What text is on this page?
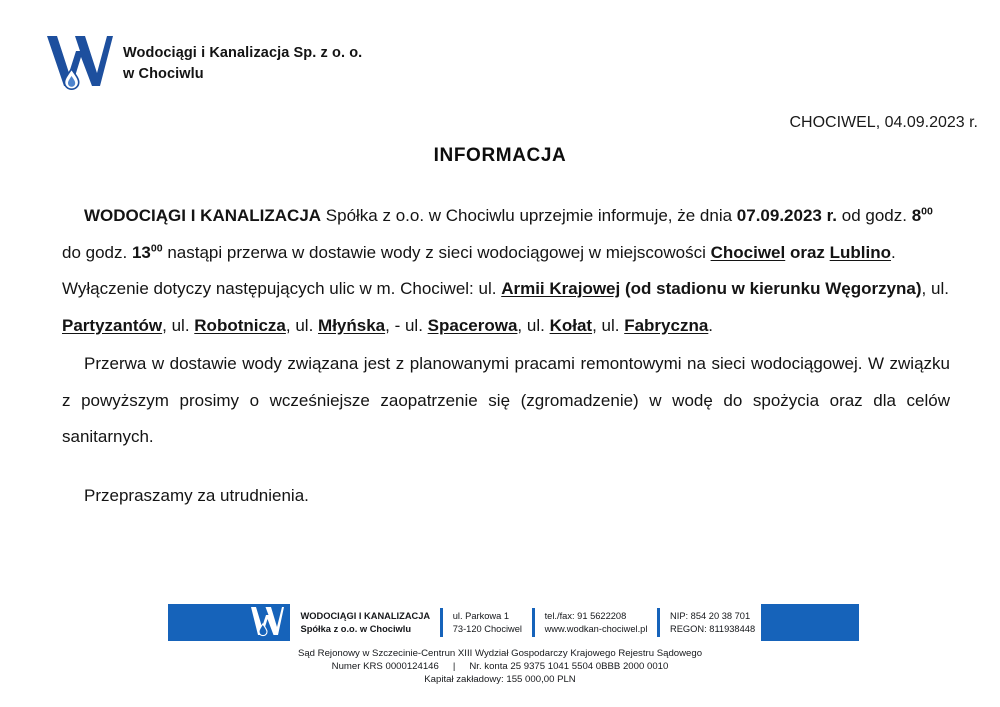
Wodociągi i Kanalizacja Sp. z o. o.
w Chociwlu
CHOCIWEL, 04.09.2023 r.
INFORMACJA

WODOCIĄGI I KANALIZACJA Spółka z o.o. w Chociwlu uprzejmie informuje, że dnia 07.09.2023 r. od godz. $8^{00}$ do godz. $13^{00}$ nastąpi przerwa w dostawie wody z sieci wodociągowej w miejscowości Chociwel oraz Lublino. Wyłączenie dotyczy następujących ulic w m. Chociwel: ul. Armii Krajowej (od stadionu w kierunku Węgorzyna), ul. Partyzantów, ul. Robotnicza, ul. Młyńska, - ul. Spacerowa, ul. Kołat, ul. Fabryczna.

Przerwa w dostawie wody związana jest z planowanymi pracami remontowymi na sieci wodociągowej. W związku z powyższym prosimy o wcześniejsze zaopatrzenie się (zgromadzenie) w wodę do spożycia oraz dla celów sanitarnych.

Przepraszamy za utrudnienia.

WODOCIĄGI I KANALIZACJA
Spółka z o.o. w Chociwlu
ul. Parkowa 1
73-120 Chociwel
tel./fax: 91 5622208
www.wodkan-chociwel.pl
NIP: 854 20 38 701
REGON: 811938448
Sąd Rejonowy w Szczecinie-Centrun XIII Wydział Gospodarczy Krajowego Rejestru Sądowego
Numer KRS 0000124146 | Nr. konta 25 9375 1041 5504 0BBB 2000 0010
Kapitał zakładowy: 155 000,00 PLN
